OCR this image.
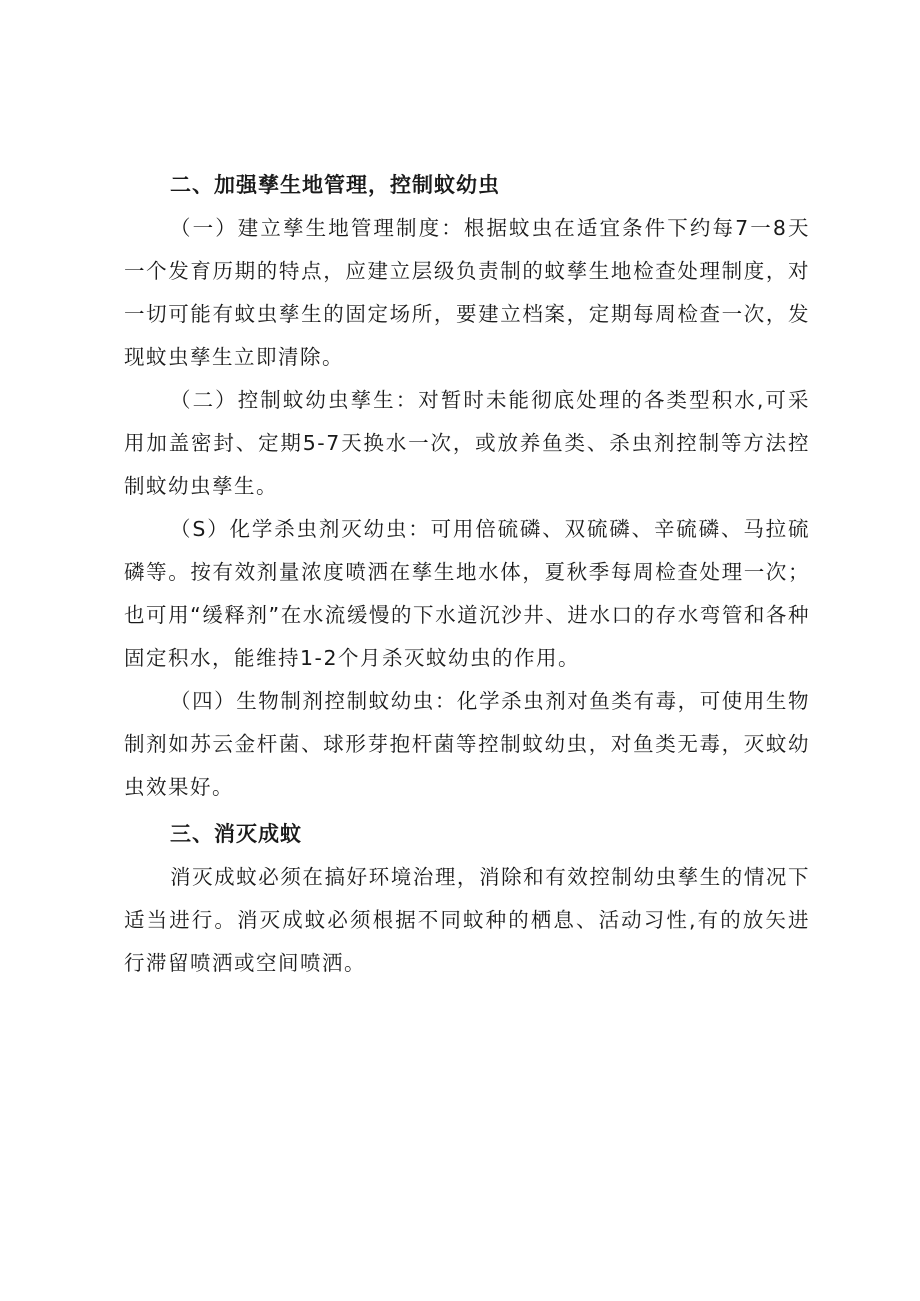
二、加强孳生地管理，控制蚊幼虫

（一）建立孳生地管理制度：根据蚊虫在适宜条件下约每7一8天一个发育历期的特点，应建立层级负责制的蚊孳生地检查处理制度，对一切可能有蚊虫孳生的固定场所，要建立档案，定期每周检查一次，发现蚊虫孳生立即清除。

（二）控制蚊幼虫孳生：对暂时未能彻底处理的各类型积水,可采用加盖密封、定期5-7天换水一次，或放养鱼类、杀虫剂控制等方法控制蚊幼虫孳生。

（S）化学杀虫剂灭幼虫：可用倍硫磷、双硫磷、辛硫磷、马拉硫磷等。按有效剂量浓度喷洒在孳生地水体，夏秋季每周检查处理一次；也可用“缓释剂”在水流缓慢的下水道沉沙井、进水口的存水弯管和各种固定积水，能维持1-2个月杀灭蚊幼虫的作用。

（四）生物制剂控制蚊幼虫：化学杀虫剂对鱼类有毒，可使用生物制剂如苏云金杆菌、球形芽抱杆菌等控制蚊幼虫，对鱼类无毒，灭蚊幼虫效果好。

三、消灭成蚊

消灭成蚊必须在搞好环境治理，消除和有效控制幼虫孳生的情况下适当进行。消灭成蚊必须根据不同蚊种的栖息、活动习性,有的放矢进行滞留喷洒或空间喷洒。
